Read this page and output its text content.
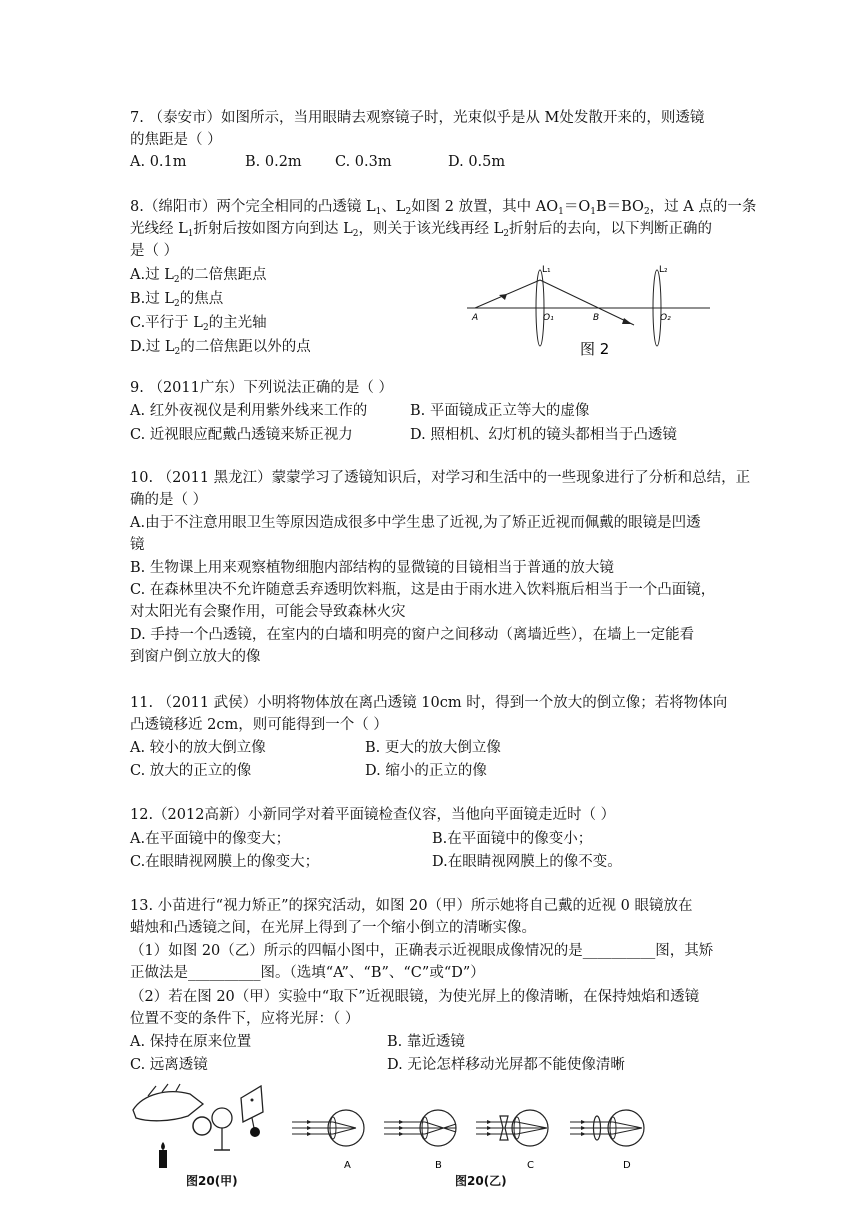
7. （泰安市）如图所示，当用眼睛去观察镜子时，光束似乎是从 M处发散开来的，则透镜
的焦距是（ ）
A. 0.1m	B. 0.2m C. 0.3m	D. 0.5m
8.（绵阳市）两个完全相同的凸透镜 $L_1$、$L_2$如图 2 放置，其中 $AO_1=O_1B=BO_2$，过 A 点的一条
光线经 $L_1$折射后按如图方向到达 $L_2$，则关于该光线再经 $L_2$折射后的去向，以下判断正确的
是（ ）
A.过 $L_2$的二倍焦距点
B.过 $L_2$的焦点
C.平行于 $L_2$的主光轴
D.过 $L_2$的二倍焦距以外的点
A	O₁	B	O₂
L₁	L₂
图 2
9. （2011广东）下列说法正确的是（ ）
A. 红外夜视仪是利用紫外线来工作的	B. 平面镜成正立等大的虚像
C. 近视眼应配戴凸透镜来矫正视力	D. 照相机、幻灯机的镜头都相当于凸透镜
10. （2011 黑龙江）蒙蒙学习了透镜知识后，对学习和生活中的一些现象进行了分析和总结，正
确的是（ ）
A.由于不注意用眼卫生等原因造成很多中学生患了近视,为了矫正近视而佩戴的眼镜是凹透
镜
B. 生物课上用来观察植物细胞内部结构的显微镜的目镜相当于普通的放大镜
C. 在森林里决不允许随意丢弃透明饮料瓶，这是由于雨水进入饮料瓶后相当于一个凸面镜，
对太阳光有会聚作用，可能会导致森林火灾
D. 手持一个凸透镜，在室内的白墙和明亮的窗户之间移动（离墙近些），在墙上一定能看
到窗户倒立放大的像
11. （2011 武侯）小明将物体放在离凸透镜 10cm 时，得到一个放大的倒立像；若将物体向
凸透镜移近 2cm，则可能得到一个（ ）
A. 较小的放大倒立像	B. 更大的放大倒立像
C. 放大的正立的像	D. 缩小的正立的像
12.（2012高新）小新同学对着平面镜检查仪容，当他向平面镜走近时（ ）
A.在平面镜中的像变大；	B.在平面镜中的像变小；
C.在眼睛视网膜上的像变大；	D.在眼睛视网膜上的像不变。
13. 小苗进行“视力矫正”的探究活动，如图 20（甲）所示她将自己戴的近视 0 眼镜放在
蜡烛和凸透镜之间，在光屏上得到了一个缩小倒立的清晰实像。
（1）如图 20（乙）所示的四幅小图中，正确表示近视眼成像情况的是__________图，其矫
正做法是__________图。（选填“A”、“B”、“C”或“D”）
（2）若在图 20（甲）实验中“取下”近视眼镜，为使光屏上的像清晰，在保持烛焰和透镜
位置不变的条件下，应将光屏：（ ）
A. 保持在原来位置	B. 靠近透镜
C. 远离透镜	D. 无论怎样移动光屏都不能使像清晰
图20(甲)
A	B	C	D
图20(乙)
